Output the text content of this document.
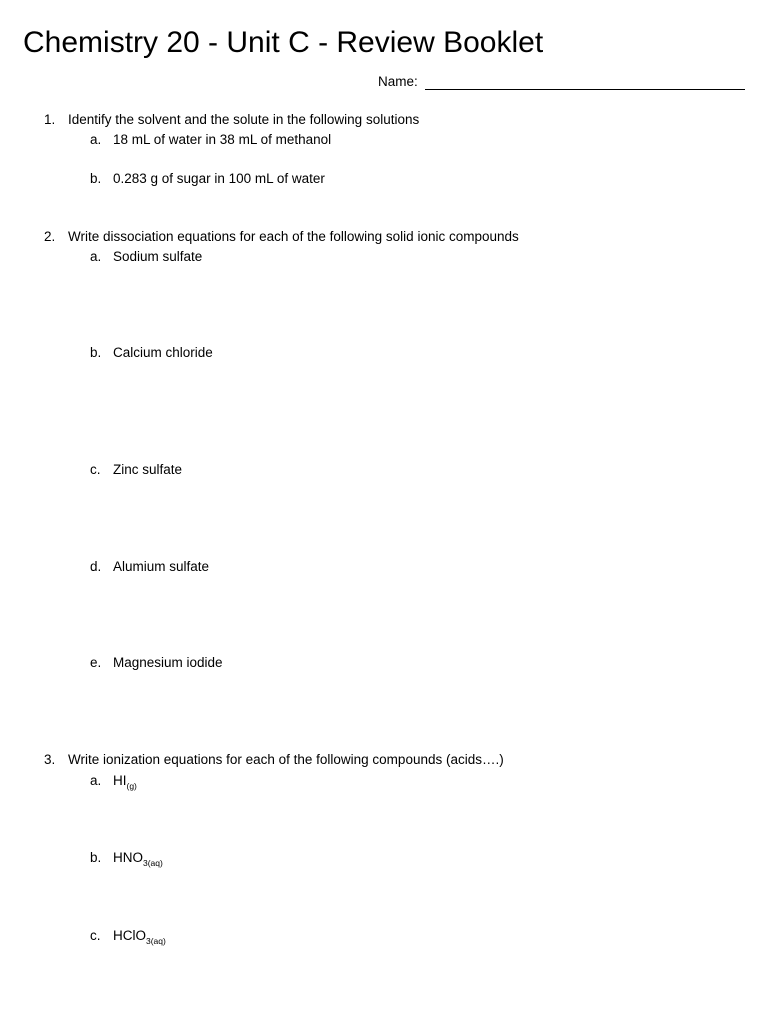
Chemistry 20 - Unit C - Review Booklet
Name:
1. Identify the solvent and the solute in the following solutions
a. 18 mL of water in 38 mL of methanol
b. 0.283 g of sugar in 100 mL of water
2. Write dissociation equations for each of the following solid ionic compounds
a. Sodium sulfate
b. Calcium chloride
c. Zinc sulfate
d. Alumium sulfate
e. Magnesium iodide
3. Write ionization equations for each of the following compounds (acids….)
a. $HI_{(g)}$
b. $HNO_{3(aq)}$
c. HClO$_{3(aq)}$
